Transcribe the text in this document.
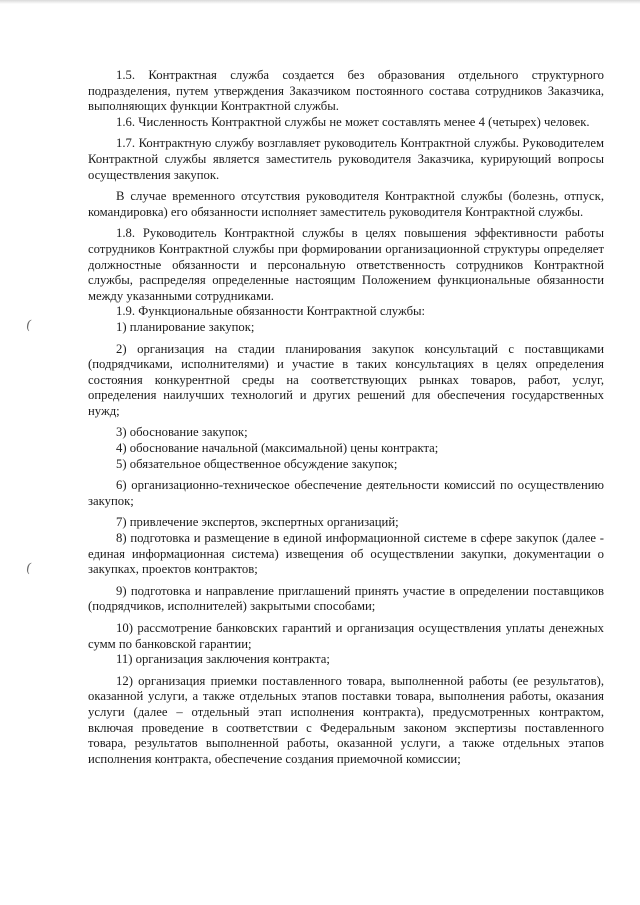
(
(

1.5. Контрактная служба создается без образования отдельного структурного подразделения, путем утверждения Заказчиком постоянного состава сотрудников Заказчика, выполняющих функции Контрактной службы.

1.6. Численность Контрактной службы не может составлять менее 4 (четырех) человек.

1.7. Контрактную службу возглавляет руководитель Контрактной службы. Руководителем Контрактной службы является заместитель руководителя Заказчика, курирующий вопросы осуществления закупок.

В случае временного отсутствия руководителя Контрактной службы (болезнь, отпуск, командировка) его обязанности исполняет заместитель руководителя Контрактной службы.

1.8. Руководитель Контрактной службы в целях повышения эффективности работы сотрудников Контрактной службы при формировании организационной структуры определяет должностные обязанности и персональную ответственность сотрудников Контрактной службы, распределяя определенные настоящим Положением функциональные обязанности между указанными сотрудниками.

1.9. Функциональные обязанности Контрактной службы:

1) планирование закупок;

2) организация на стадии планирования закупок консультаций с поставщиками (подрядчиками, исполнителями) и участие в таких консультациях в целях определения состояния конкурентной среды на соответствующих рынках товаров, работ, услуг, определения наилучших технологий и других решений для обеспечения государственных нужд;

3) обоснование закупок;

4) обоснование начальной (максимальной) цены контракта;

5) обязательное общественное обсуждение закупок;

6) организационно-техническое обеспечение деятельности комиссий по осуществлению закупок;

7) привлечение экспертов, экспертных организаций;

8) подготовка и размещение в единой информационной системе в сфере закупок (далее - единая информационная система) извещения об осуществлении закупки, документации о закупках, проектов контрактов;

9) подготовка и направление приглашений принять участие в определении поставщиков (подрядчиков, исполнителей) закрытыми способами;

10) рассмотрение банковских гарантий и организация осуществления уплаты денежных сумм по банковской гарантии;

11) организация заключения контракта;

12) организация приемки поставленного товара, выполненной работы (ее результатов), оказанной услуги, а также отдельных этапов поставки товара, выполнения работы, оказания услуги (далее – отдельный этап исполнения контракта), предусмотренных контрактом, включая проведение в соответствии с Федеральным законом экспертизы поставленного товара, результатов выполненной работы, оказанной услуги, а также отдельных этапов исполнения контракта, обеспечение создания приемочной комиссии;
